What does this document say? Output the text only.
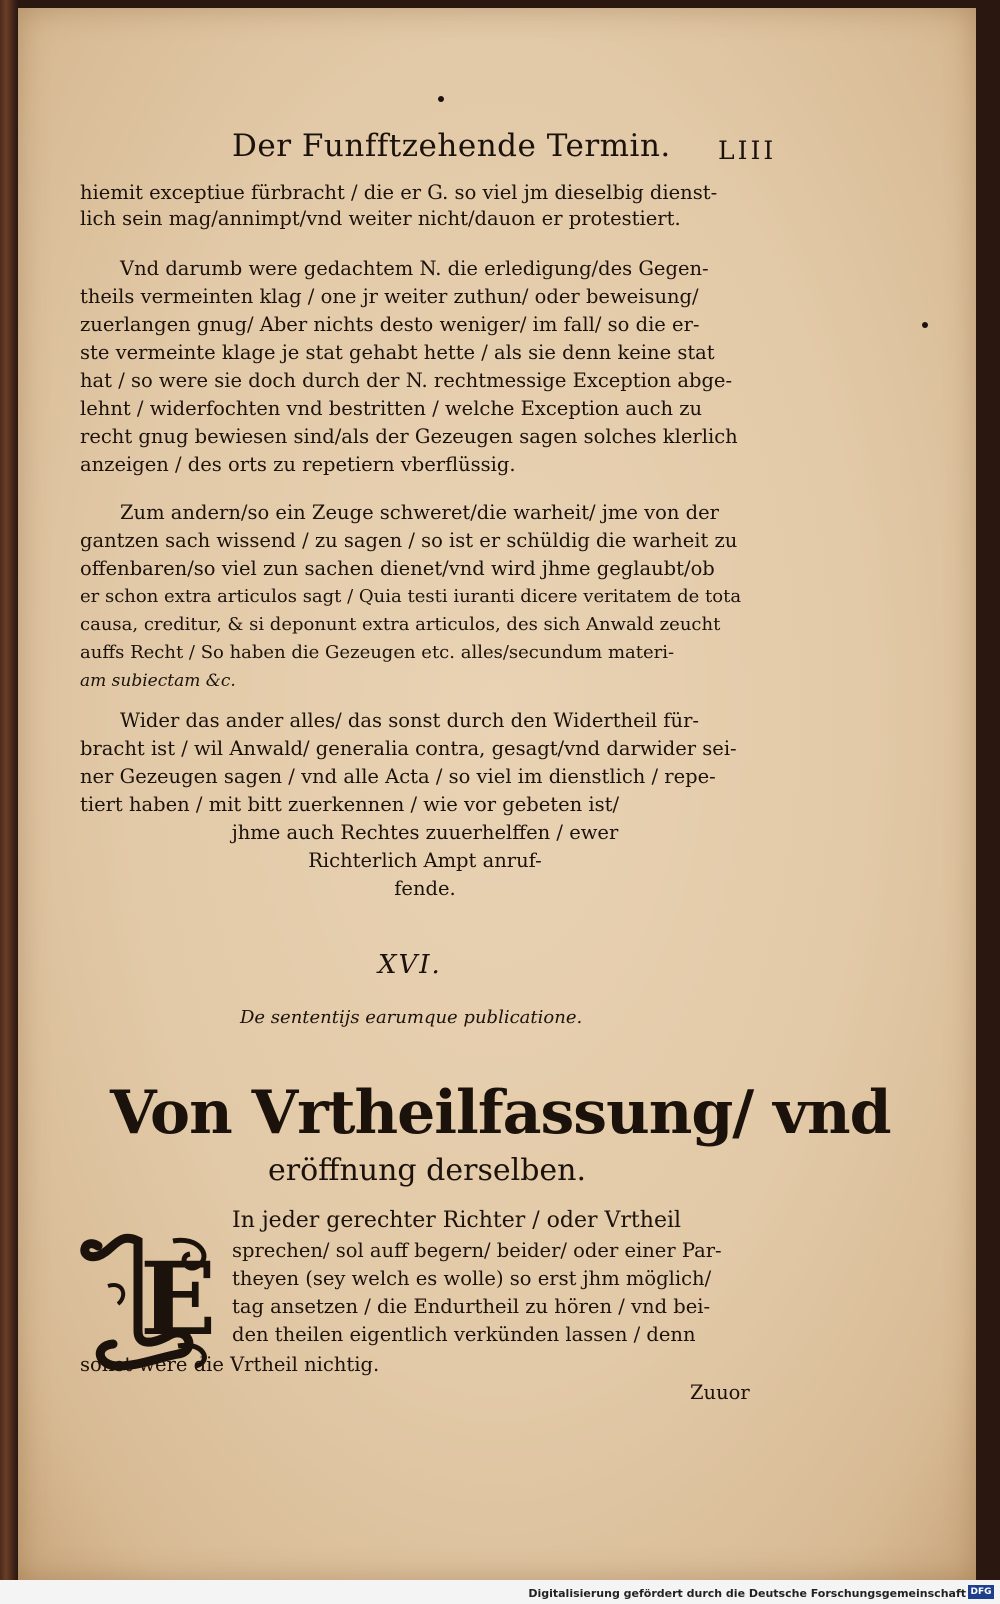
Der Funfftzehende Termin. LIII
hiemit exceptiue fürbracht / die er G. so viel jm dieselbig dienst-
lich sein mag/annimpt/vnd weiter nicht/dauon er protestiert.
Vnd darumb were gedachtem N. die erledigung/des Gegen-
theils vermeinten klag / one jr weiter zuthun/ oder beweisung/
zuerlangen gnug/ Aber nichts desto weniger/ im fall/ so die er-
ste vermeinte klage je stat gehabt hette / als sie denn keine stat
hat / so were sie doch durch der N. rechtmessige Exception abge-
lehnt / widerfochten vnd bestritten / welche Exception auch zu
recht gnug bewiesen sind/als der Gezeugen sagen solches klerlich
anzeigen / des orts zu repetiern vberflüssig.
Zum andern/so ein Zeuge schweret/die warheit/ jme von der
gantzen sach wissend / zu sagen / so ist er schüldig die warheit zu
offenbaren/so viel zun sachen dienet/vnd wird jhme geglaubt/ob
er schon extra articulos sagt / Quia testi iuranti dicere veritatem de tota
causa, creditur, & si deponunt extra articulos, des sich Anwald zeucht
auffs Recht / So haben die Gezeugen etc. alles/secundum materi-
am subiectam &c.
Wider das ander alles/ das sonst durch den Widertheil für-
bracht ist / wil Anwald/ generalia contra, gesagt/vnd darwider sei-
ner Gezeugen sagen / vnd alle Acta / so viel im dienstlich / repe-
tiert haben / mit bitt zuerkennen / wie vor gebeten ist/
jhme auch Rechtes zuuerhelffen / ewer
Richterlich Ampt anruf-
fende.
XVI.
De sententijs earumque publicatione.
Von Vrtheilfassung/ vnd
eröffnung derselben.
E
In jeder gerechter Richter / oder Vrtheil
sprechen/ sol auff begern/ beider/ oder einer Par-
theyen (sey welch es wolle) so erst jhm möglich/
tag ansetzen / die Endurtheil zu hören / vnd bei-
den theilen eigentlich verkünden lassen / denn
sonst were die Vrtheil nichtig.
Zuuor
Digitalisierung gefördert durch die Deutsche Forschungsgemeinschaft DFG
